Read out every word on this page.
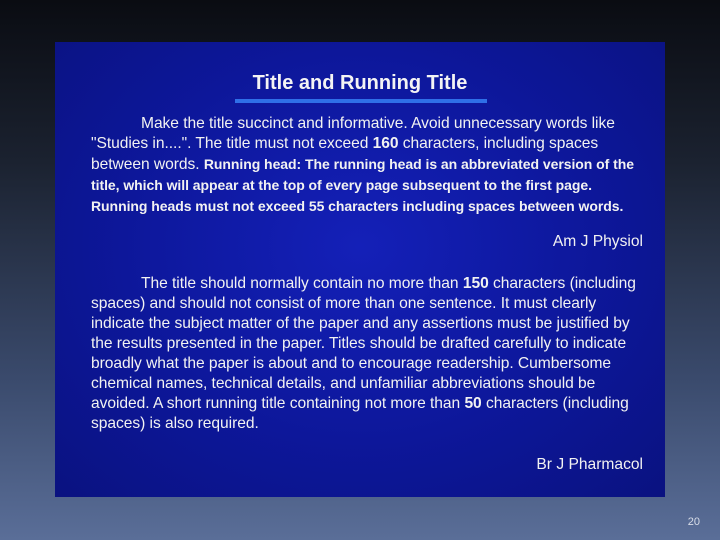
Title and Running Title

Make the title succinct and informative. Avoid unnecessary words like "Studies in....". The title must not exceed 160 characters, including spaces between words. Running head: The running head is an abbreviated version of the title, which will appear at the top of every page subsequent to the first page. Running heads must not exceed 55 characters including spaces between words.

Am J Physiol

The title should normally contain no more than 150 characters (including spaces) and should not consist of more than one sentence. It must clearly indicate the subject matter of the paper and any assertions must be justified by the results presented in the paper. Titles should be drafted carefully to indicate broadly what the paper is about and to encourage readership. Cumbersome chemical names, technical details, and unfamiliar abbreviations should be avoided. A short running title containing not more than 50 characters (including spaces) is also required.

Br J Pharmacol
20
